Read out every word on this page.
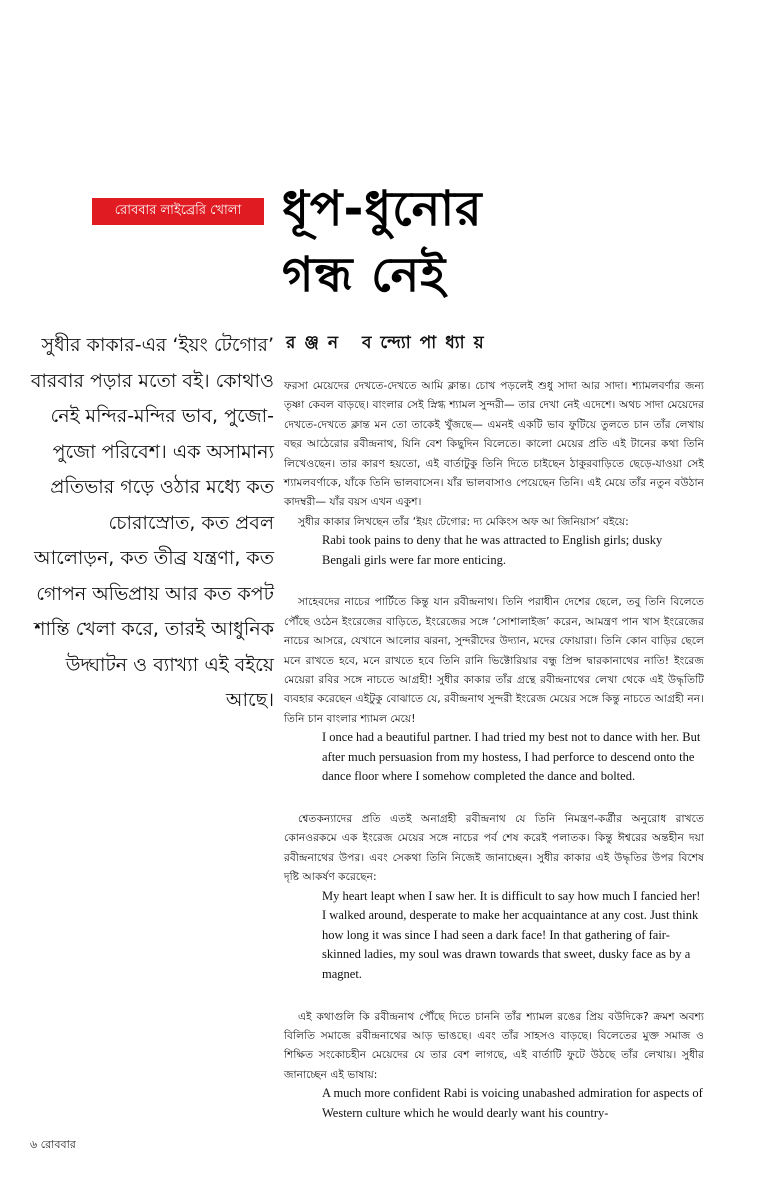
রোববার লাইব্রেরি খোলা ধূপ-ধুনোর
গন্ধ নেই
রঞ্জন বন্দ্যোপাধ্যায়
সুধীর কাকার-এর ‘ইয়ং টেগোর’ বারবার পড়ার মতো বই। কোথাও নেই মন্দির-মন্দির ভাব, পুজো-পুজো পরিবেশ। এক অসামান্য প্রতিভার গড়ে ওঠার মধ্যে কত চোরাস্রোত, কত প্রবল আলোড়ন, কত তীব্র যন্ত্রণা, কত গোপন অভিপ্রায় আর কত কপট শান্তি খেলা করে, তারই আধুনিক উদ্ঘাটন ও ব্যাখ্যা এই বইয়ে আছে।

ফরসা মেয়েদের দেখতে-দেখতে আমি ক্লান্ত। চোখ পড়লেই শুধু সাদা আর সাদা। শ্যামলবর্ণার জন্য তৃষ্ণা কেবল বাড়ছে। বাংলার সেই স্নিগ্ধ শ্যামল সুন্দরী— তার দেখা নেই এদেশে। অথচ সাদা মেয়েদের দেখতে-দেখতে ক্লান্ত মন তো তাকেই খুঁজছে— এমনই একটি ভাব ফুটিয়ে তুলতে চান তাঁর লেখায় বছর আঠেরোর রবীন্দ্রনাথ, যিনি বেশ কিছুদিন বিলেতে। কালো মেয়ের প্রতি এই টানের কথা তিনি লিখেওছেন। তার কারণ হয়তো, এই বার্তাটুকু তিনি দিতে চাইছেন ঠাকুরবাড়িতে ছেড়ে-যাওয়া সেই শ্যামলবর্ণাকে, যাঁকে তিনি ভালবাসেন। যাঁর ভালবাসাও পেয়েছেন তিনি। এই মেয়ে তাঁর নতুন বউঠান কাদম্বরী— যাঁর বয়স এখন একুশ।

সুধীর কাকার লিখছেন তাঁর ‘ইয়ং টেগোর: দ্য মেকিংস অফ আ জিনিয়াস’ বইয়ে:

Rabi took pains to deny that he was attracted to English girls; dusky Bengali girls were far more enticing.

সাহেবদের নাচের পার্টিতে কিন্তু যান রবীন্দ্রনাথ। তিনি পরাধীন দেশের ছেলে, তবু তিনি বিলেতে পৌঁছে ওঠেন ইংরেজের বাড়িতে, ইংরেজের সঙ্গে ‘সোশালাইজ’ করেন, আমন্ত্রণ পান খাস ইংরেজের নাচের আসরে, যেখানে আলোর ঝরনা, সুন্দরীদের উদ্যান, মদের ফোয়ারা। তিনি কোন বাড়ির ছেলে মনে রাখতে হবে, মনে রাখতে হবে তিনি রানি ভিক্টোরিয়ার বন্ধু প্রিন্স দ্বারকানাথের নাতি! ইংরেজ মেয়েরা রবির সঙ্গে নাচতে আগ্রহী! সুধীর কাকার তাঁর গ্রন্থে রবীন্দ্রনাথের লেখা থেকে এই উদ্ধৃতিটি ব্যবহার করেছেন এইটুকু বোঝাতে যে, রবীন্দ্রনাথ সুন্দরী ইংরেজ মেয়ের সঙ্গে কিন্তু নাচতে আগ্রহী নন। তিনি চান বাংলার শ্যামল মেয়ে!

I once had a beautiful partner. I had tried my best not to dance with her. But after much persuasion from my hostess, I had perforce to descend onto the dance floor where I somehow completed the dance and bolted.

শ্বেতকন্যাদের প্রতি এতই অনাগ্রহী রবীন্দ্রনাথ যে তিনি নিমন্ত্রণ-কর্ত্রীর অনুরোধ রাখতে কোনওরকমে এক ইংরেজ মেয়ের সঙ্গে নাচের পর্ব শেষ করেই পলাতক। কিন্তু ঈশ্বরের অন্তহীন দয়া রবীন্দ্রনাথের উপর। এবং সেকথা তিনি নিজেই জানাচ্ছেন। সুধীর কাকার এই উদ্ধৃতির উপর বিশেষ দৃষ্টি আকর্ষণ করেছেন:

My heart leapt when I saw her. It is difficult to say how much I fancied her! I walked around, desperate to make her acquaintance at any cost. Just think how long it was since I had seen a dark face! In that gathering of fair-skinned ladies, my soul was drawn towards that sweet, dusky face as by a magnet.

এই কথাগুলি কি রবীন্দ্রনাথ পৌঁছে দিতে চাননি তাঁর শ্যামল রঙের প্রিয় বউদিকে? ক্রমশ অবশ্য বিলিতি সমাজে রবীন্দ্রনাথের আড় ভাঙছে। এবং তাঁর সাহসও বাড়ছে। বিলেতের মুক্ত সমাজ ও শিক্ষিত সংকোচহীন মেয়েদের যে তার বেশ লাগছে, এই বার্তাটি ফুটে উঠছে তাঁর লেখায়। সুধীর জানাচ্ছেন এই ভাষায়:

A much more confident Rabi is voicing unabashed admiration for aspects of Western culture which he would dearly want his country-

৬ রোববার
